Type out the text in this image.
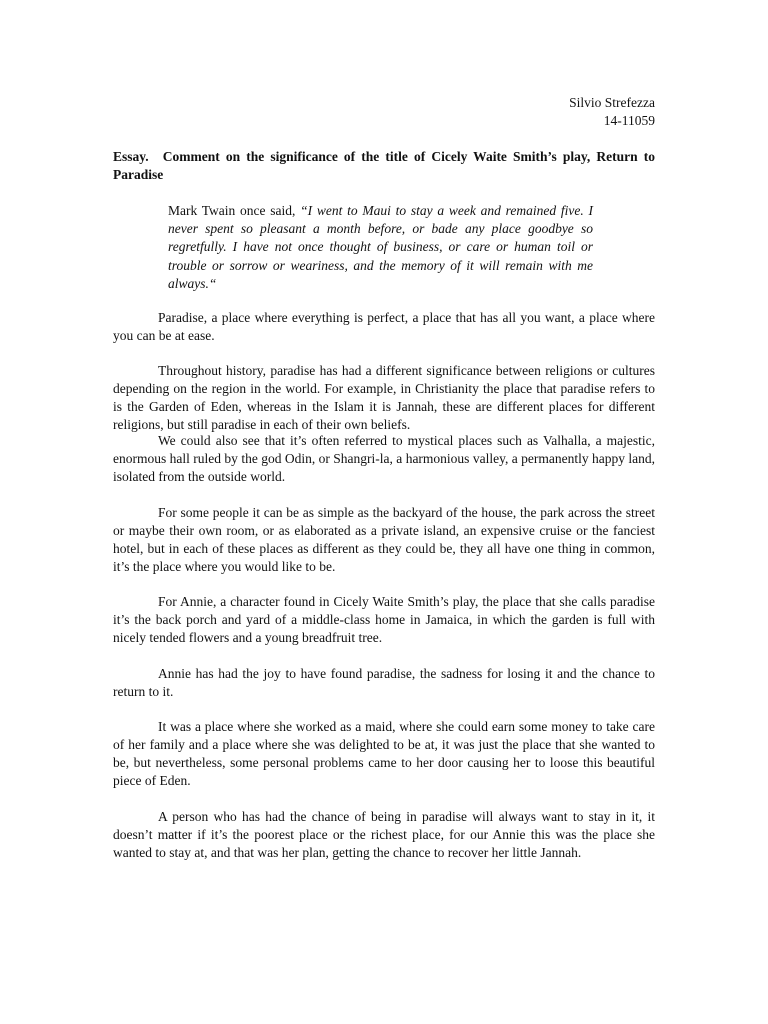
Silvio Strefezza
14-11059
Essay. Comment on the significance of the title of Cicely Waite Smith’s play, Return to Paradise
Mark Twain once said, “I went to Maui to stay a week and remained five. I never spent so pleasant a month before, or bade any place goodbye so regretfully. I have not once thought of business, or care or human toil or trouble or sorrow or weariness, and the memory of it will remain with me always.“

Paradise, a place where everything is perfect, a place that has all you want, a place where you can be at ease.

Throughout history, paradise has had a different significance between religions or cultures depending on the region in the world. For example, in Christianity the place that paradise refers to is the Garden of Eden, whereas in the Islam it is Jannah, these are different places for different religions, but still paradise in each of their own beliefs.

We could also see that it’s often referred to mystical places such as Valhalla, a majestic, enormous hall ruled by the god Odin, or Shangri-la, a harmonious valley, a permanently happy land, isolated from the outside world.

For some people it can be as simple as the backyard of the house, the park across the street or maybe their own room, or as elaborated as a private island, an expensive cruise or the fanciest hotel, but in each of these places as different as they could be, they all have one thing in common, it’s the place where you would like to be.

For Annie, a character found in Cicely Waite Smith’s play, the place that she calls paradise it’s the back porch and yard of a middle-class home in Jamaica, in which the garden is full with nicely tended flowers and a young breadfruit tree.

Annie has had the joy to have found paradise, the sadness for losing it and the chance to return to it.

It was a place where she worked as a maid, where she could earn some money to take care of her family and a place where she was delighted to be at, it was just the place that she wanted to be, but nevertheless, some personal problems came to her door causing her to loose this beautiful piece of Eden.

A person who has had the chance of being in paradise will always want to stay in it, it doesn’t matter if it’s the poorest place or the richest place, for our Annie this was the place she wanted to stay at, and that was her plan, getting the chance to recover her little Jannah.
